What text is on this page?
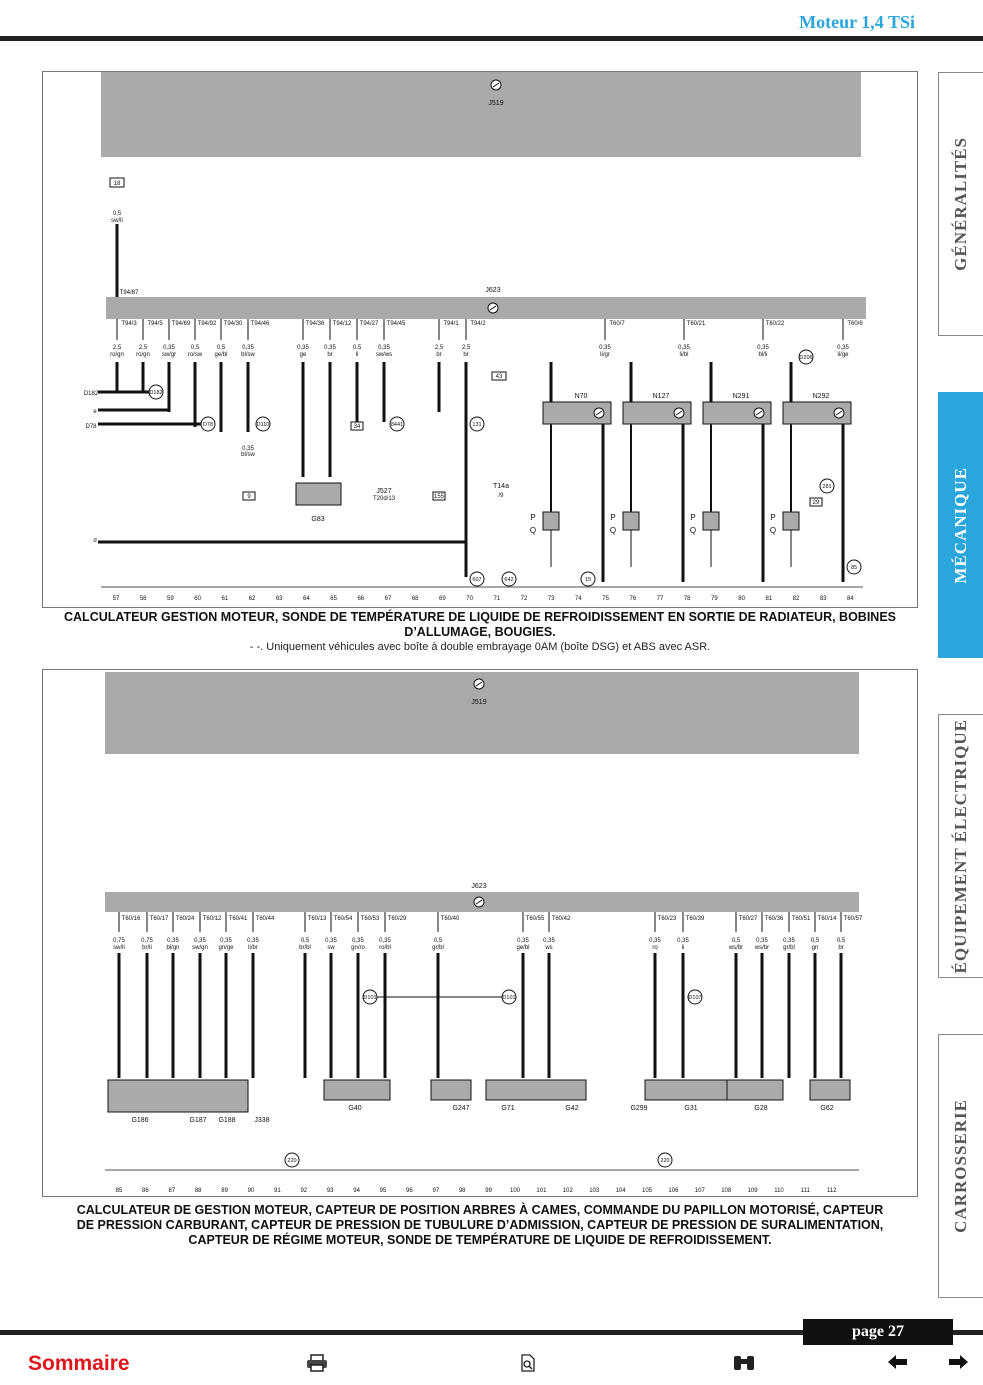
Moteur 1,4 TSi
GÉNÉRALITÉS
MÉCANIQUE
ÉQUIPEMENT ÉLECTRIQUE
CARROSSERIE
J519
18
0,5
sw/li
T94/87	J623
T94/3
2,5
ro/gn
T94/5
2,5
ro/gn
T94/69
0,35
sw/gr
T94/92
0,5
ro/sw
T94/30
0,5
ge/bl
T94/46
0,35
bl/sw
T94/36
0,35
ge
T94/12
0,35
br
T94/27
0,5
li
T94/45
0,35
sw/ws
T94/1
2,5
br
T94/2
2,5
br
T60/7
0,35
li/gr
T60/21
0,35
li/bl
T60/22
0,35
bl/li
T60/6
0,35
li/ge
D182
e
D78
d
D182
D78	D110
0,35
bl/sw
9
34	8441	131
43
155
G83
J527
T20d/13
T14a
/9
N70
P
Q
N127
P
Q
N291
P
Q
N292
P
Q
D206
281
29
607	642	15
85
57	58	59	60	61	62	63	64	65	66	67	68	69	70	71	72	73	74	75	76	77	78	79	80	81	82	83	84
CALCULATEUR GESTION MOTEUR, SONDE DE TEMPÉRATURE DE LIQUIDE DE REFROIDISSEMENT EN SORTIE DE RADIATEUR, BOBINES D’ALLUMAGE, BOUGIES.
- -. Uniquement véhicules avec boîte à double embrayage 0AM (boîte DSG) et ABS avec ASR.
J519
J623
T60/16
0,75
sw/li
T60/17
0,75
br/li
T60/24
0,35
bl/gn
T60/12
0,35
sw/gn
T60/41
0,35
gn/ge
T60/44
0,35
li/br
T60/13
0,5
br/bl
T60/54
0,35
sw
T60/53
0,35
gn/ro
T60/29
0,35
ro/bl
T60/40
0,5
gr/bl
T60/55
0,35
ge/bl
T60/42
0,35
ws
T60/23
0,35
ro
T60/39
0,35
li
T60/27
0,5
ws/br
T60/36
0,35
ws/br
T60/51
0,35
gr/bl
T60/14
0,5
gn
T60/57
0,5
br
D101	D101	D107
220	220
G186	G187 G188	J338
G40	G247	G71	G42	G299	G31	G28	G62
85	86	87	88	89	90	91	92	93	94	95	96	97	98	99	100	101	102	103	104	105	106	107	108	109	110	111	112
CALCULATEUR DE GESTION MOTEUR, CAPTEUR DE POSITION ARBRES À CAMES, COMMANDE DU PAPILLON MOTORISÉ, CAPTEUR DE PRESSION CARBURANT, CAPTEUR DE PRESSION DE TUBULURE D’ADMISSION, CAPTEUR DE PRESSION DE SURALIMENTATION, CAPTEUR DE RÉGIME MOTEUR, SONDE DE TEMPÉRATURE DE LIQUIDE DE REFROIDISSEMENT.
page 27
Sommaire
